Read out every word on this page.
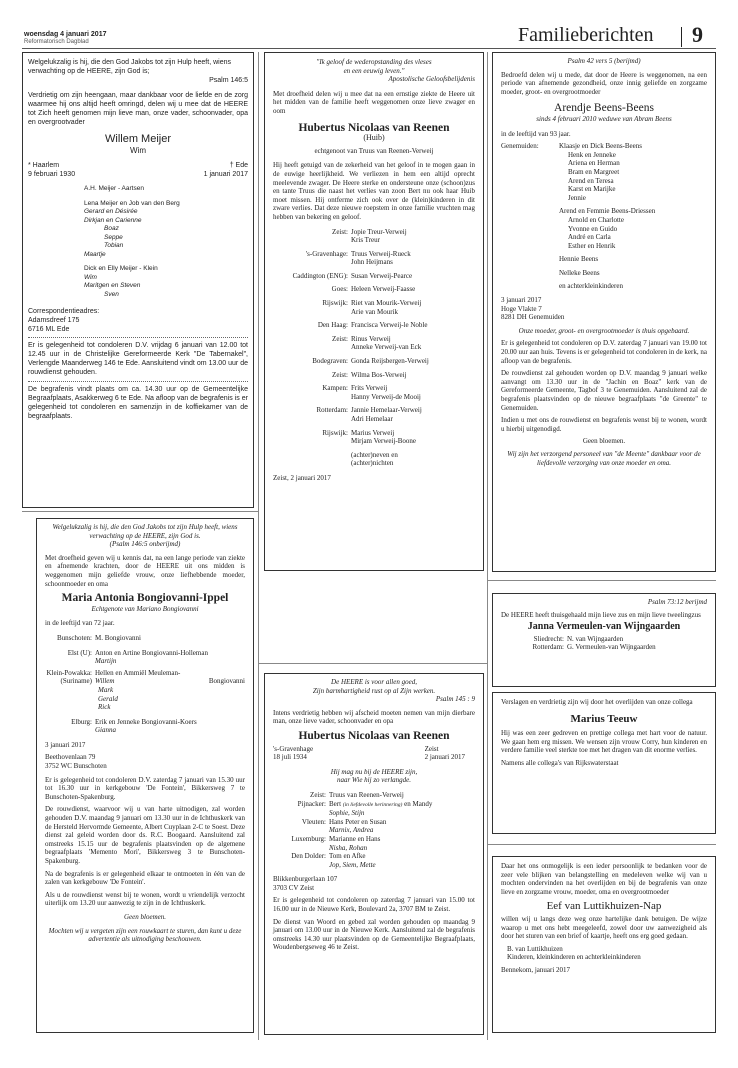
woensdag 4 januari 2017
Reformatorisch Dagblad	Familieberichten 9

Welgelukzalig is hij, die den God Jakobs tot zijn Hulp heeft, wiens verwachting op de HEERE, zijn God is;

Psalm 146:5

Verdrietig om zijn heengaan, maar dankbaar voor de liefde en de zorg waarmee hij ons altijd heeft omringd, delen wij u mee dat de HEERE tot Zich heeft genomen mijn lieve man, onze vader, schoonvader, opa en overgrootvader

Willem Meijer
Wim
* Haarlem	† Ede
9 februari 1930	1 januari 2017
A.H. Meijer - Aartsen
Lena Meijer en Job van den Berg
Gerard en Désirée
Dirkjan en Carienne
Boaz
Seppe
Tobian
Maartje
Dick en Elly Meijer - Klein
Wim
Maritgen en Steven
Sven
Correspondentieadres:
Adamsdreef 175
6716 ML Ede

Er is gelegenheid tot condoleren D.V. vrijdag 6 januari van 12.00 tot 12.45 uur in de Christelijke Gereformeerde Kerk "De Tabernakel", Verlengde Maanderweg 146 te Ede. Aansluitend vindt om 13.00 uur de rouwdienst gehouden.

De begrafenis vindt plaats om ca. 14.30 uur op de Gemeentelijke Begraafplaats, Asakkerweg 6 te Ede. Na afloop van de begrafenis is er gelegenheid tot condoleren en samenzijn in de koffiekamer van de begraafplaats.

Welgelukzalig is hij, die den God Jakobs tot zijn Hulp heeft, wiens verwachting op de HEERE, zijn God is.

(Psalm 146:5 onberijmd)

Met droefheid geven wij u kennis dat, na een lange periode van ziekte en afnemende krachten, door de HEERE uit ons midden is weggenomen mijn geliefde vrouw, onze liefhebbende moeder, schoonmoeder en oma

Maria Antonia Bongiovanni-Ippel
Echtgenote van Mariano Bongiovanni

in de leeftijd van 72 jaar.

Bunschoten: M. Bongiovanni
Elst (U): Anton en Artine Bongiovanni-Holleman
Martijn
Klein-Powakka: Hellen en Ammiël Meuleman-
(Suriname) Willem	Bongiovanni
Mark
Gerald
Rick
Elburg: Erik en Jenneke Bongiovanni-Koers
Gianna

3 januari 2017

Beethovenlaan 79
3752 WC Bunschoten

Er is gelegenheid tot condoleren D.V. zaterdag 7 januari van 15.30 uur tot 16.30 uur in kerkgebouw 'De Fontein', Bikkersweg 7 te Bunschoten-Spakenburg.

De rouwdienst, waarvoor wij u van harte uitnodigen, zal worden gehouden D.V. maandag 9 januari om 13.30 uur in de Ichthuskerk van de Hersteld Hervormde Gemeente, Albert Cuyplaan 2-C te Soest. Deze dienst zal geleid worden door ds. R.C. Boogaard. Aansluitend zal omstreeks 15.15 uur de begrafenis plaatsvinden op de algemene begraafplaats 'Memento Mori', Bikkersweg 3 te Bunschoten-Spakenburg.

Na de begrafenis is er gelegenheid elkaar te ontmoeten in één van de zalen van kerkgebouw 'De Fontein'.

Als u de rouwdienst wenst bij te wonen, wordt u vriendelijk verzocht uiterlijk om 13.20 uur aanwezig te zijn in de Ichthuskerk.

Geen bloemen.

Mochten wij u vergeten zijn een rouwkaart te sturen, dan kunt u deze advertentie als uitnodiging beschouwen.

"Ik geloof de wederopstanding des vleses
en een eeuwig leven."
Apostolische Geloofsbelijdenis

Met droefheid delen wij u mee dat na een ernstige ziekte de Heere uit het midden van de familie heeft weggenomen onze lieve zwager en oom

Hubertus Nicolaas van Reenen
(Huib)
echtgenoot van Truus van Reenen-Verweij

Hij heeft getuigd van de zekerheid van het geloof in te mogen gaan in de euwige heerlijkheid. We verliezen in hem een altijd oprecht meelevende zwager. De Heere sterke en ondersteune onze (schoon)zus en tante Truus die naast het verlies van zoon Bert nu ook haar Huib moet missen. Hij ontferme zich ook over de (klein)kinderen in dit zware verlies. Dat deze nieuwe roepstem in onze familie vruchten mag hebben van bekering en geloof.

Zeist: Jopie Treur-Verweij
Kris Treur
's-Gravenhage: Truus Verweij-Rueck
John Heijmans
Caddington (ENG): Susan Verweij-Pearce
Goes: Heleen Verweij-Faasse
Rijswijk: Riet van Mourik-Verweij
Arie van Mourik
Den Haag: Francisca Verweij-le Noble
Zeist: Rinus Verweij
Anneke Verweij-van Eck
Bodegraven: Gonda Reijsbergen-Verweij
Zeist: Wilma Bos-Verweij
Kampen: Frits Verweij
Hanny Verweij-de Mooij
Rotterdam: Jannie Hemelaar-Verweij
Adri Hemelaar
Rijswijk: Marius Verweij
Mirjam Verweij-Boone
(achter)neven en
(achter)nichten

Zeist, 2 januari 2017

De HEERE is voor allen goed,
Zijn barmhartigheid rust op al Zijn werken.
Psalm 145 : 9

Intens verdrietig hebben wij afscheid moeten nemen van mijn dierbare man, onze lieve vader, schoonvader en opa

Hubertus Nicolaas van Reenen
's-Gravenhage
18 juli 1934
Zeist
2 januari 2017
Hij mag nu bij de HEERE zijn,
naar Wie hij zo verlangde.
Zeist: Truus van Reenen-Verweij
Pijnacker: Bert (in liefdevolle herinnering) en Mandy
Sophie, Stijn
Vleuten: Hans Peter en Susan
Marnix, Andrea
Luxemburg: Marianne en Hans
Nisha, Rohan
Den Dolder: Tom en Afke
Jop, Siem, Mette
Blikkenburgerlaan 107
3703 CV Zeist

Er is gelegenheid tot condoleren op zaterdag 7 januari van 15.00 tot 16.00 uur in de Nieuwe Kerk, Boulevard 2a, 3707 BM te Zeist.

De dienst van Woord en gebed zal worden gehouden op maandag 9 januari om 13.00 uur in de Nieuwe Kerk. Aansluitend zal de begrafenis omstreeks 14.30 uur plaatsvinden op de Gemeentelijke Begraafplaats, Woudenbergseweg 46 te Zeist.

Psalm 42 vers 5 (berijmd)

Bedroefd delen wij u mede, dat door de Heere is weggenomen, na een periode van afnemende gezondheid, onze innig geliefde en zorgzame moeder, groot- en overgrootmoeder

Arendje Beens-Beens
sinds 4 februari 2010 weduwe van Abram Beens

in de leeftijd van 93 jaar.

Genemuiden:	Klaasje en Dick Beens-Beens
Henk en Jenneke
Ariena en Herman
Bram en Margreet
Arend en Teresa
Karst en Marijke
Jennie
Arend en Femmie Beens-Driessen
Arnold en Charlotte
Yvonne en Guido
André en Carla
Esther en Henrik
Hennie Beens
Nelleke Beens
en achterkleinkinderen
3 januari 2017
Hoge Vlakte 7
8281 DH Genemuiden

Onze moeder, groot- en overgrootmoeder is thuis opgebaard.

Er is gelegenheid tot condoleren op D.V. zaterdag 7 januari van 19.00 tot 20.00 uur aan huis. Tevens is er gelegenheid tot condoleren in de kerk, na afloop van de begrafenis.

De rouwdienst zal gehouden worden op D.V. maandag 9 januari welke aanvangt om 13.30 uur in de "Jachin en Boaz" kerk van de Gereformeerde Gemeente, Tagbof 3 te Genemuiden. Aansluitend zal de begrafenis plaatsvinden op de nieuwe begraafplaats "de Greente" te Genemuiden.

Indien u met ons de rouwdienst en begrafenis wenst bij te wonen, wordt u hierbij uitgenodigd.

Geen bloemen.

Wij zijn het verzorgend personeel van "de Meente" dankbaar voor de liefdevolle verzorging van onze moeder en oma.

Psalm 73:12 berijmd

De HEERE heeft thuisgehaald mijn lieve zus en mijn lieve tweelingzus

Janna Vermeulen-van Wijngaarden
Sliedrecht: N. van Wijngaarden
Rotterdam: G. Vermeulen-van Wijngaarden

Verslagen en verdrietig zijn wij door het overlijden van onze collega

Marius Teeuw

Hij was een zeer gedreven en prettige collega met hart voor de natuur. We gaan hem erg missen. We wensen zijn vrouw Corry, hun kinderen en verdere familie veel sterkte toe met het dragen van dit enorme verlies.

Namens alle collega's van Rijkswaterstaat

Daar het ons onmogelijk is een ieder persoonlijk te bedanken voor de zeer vele blijken van belangstelling en medeleven welke wij van u mochten ondervinden na het overlijden en bij de begrafenis van onze lieve en zorgzame vrouw, moeder, oma en overgrootmoeder

Eef van Luttikhuizen-Nap

willen wij u langs deze weg onze hartelijke dank betuigen. De wijze waarop u met ons hebt meegeleefd, zowel door uw aanwezigheid als door het sturen van een brief of kaartje, heeft ons erg goed gedaan.

B. van Luttikhuizen
Kinderen, kleinkinderen en achterkleinkinderen
Bennekom, januari 2017
